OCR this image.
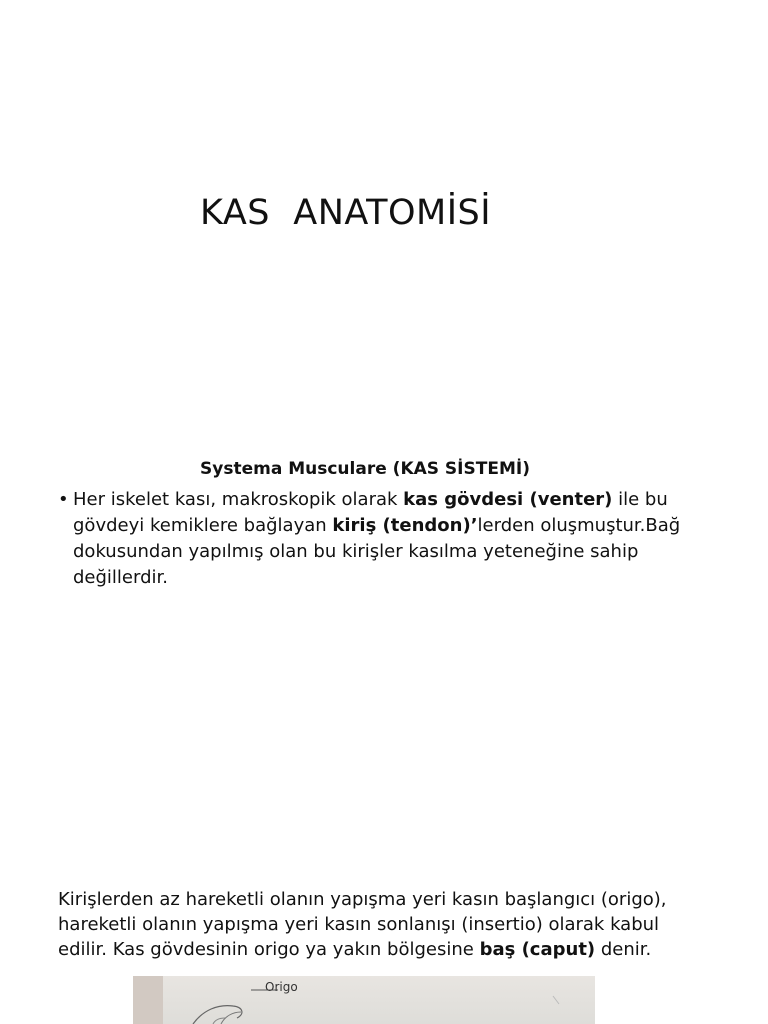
KAS  ANATOMİSİ
Systema Musculare (KAS SİSTEMİ)
• Her iskelet kası, makroskopik olarak kas gövdesi (venter) ile bu gövdeyi kemiklere bağlayan kiriş (tendon)’lerden oluşmuştur.Bağ dokusundan yapılmış olan bu kirişler kasılma yeteneğine sahip değillerdir.
Kirişlerden az hareketli olanın yapışma yeri kasın başlangıcı (origo), hareketli olanın yapışma yeri kasın sonlanışı (insertio) olarak kabul edilir. Kas gövdesinin origo ya yakın bölgesine baş (caput) denir.
Origo
